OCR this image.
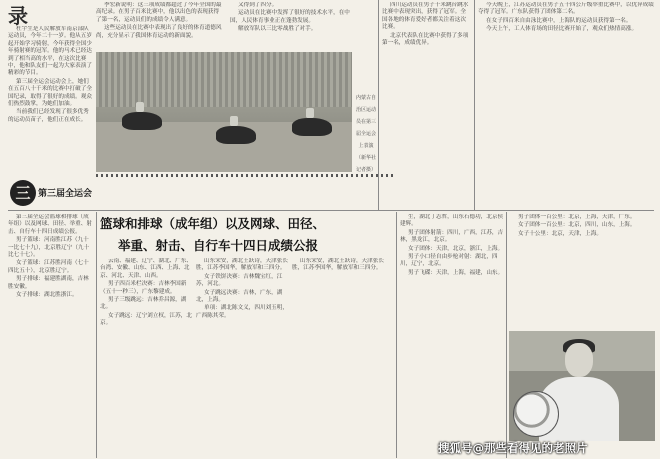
录

杜宇生是人民解放军南京部队运动员，今年二十一岁。他从五岁起开始学习骑射，今年获得全国少年骑射赛的冠军。他的马术已经达到了相当高的水平，在这次比赛中，他和队友们一起为大家表演了精彩的节目。

第三届全运会运动会上，她们在五百八十千米的比赛中打破了全国纪录，取得了很好的成绩。观众们热烈鼓掌，为她们加油。

当前我们已经发现了很多优秀的运动员苗子，他们正在成长。

季宏新说明：这三项成绩都超过了今年全国的最高纪录。在男子百米比赛中，他以出色的表现获得了第一名，运动员们的成绩令人满意。

这些运动员在比赛中表现出了良好的体育道德风尚，充分显示了我国体育运动的新面貌。

又得到了四分。

运动员在比赛中发挥了很好的技术水平，在中国，人民体育事业正在蓬勃发展。

解放军队以三比零战胜了对手。

四川运动员在男子十米跳台跳水比赛中表现突出，获得了冠军。全国各地的体育爱好者都关注着这次比赛。

北京代表队在比赛中获得了多项第一名，成绩优异。

今天晚上，江苏运动员在男子五十四公斤级举重比赛中，以优异成绩夺得了冠军。广东队获得了团体第二名。

在女子四百米自由泳比赛中，上海队的运动员获得第一名。

今天上午，工人体育场的田径比赛开始了，观众们热情高涨。

内蒙古自治区运动员在第三届全运会上表演（新华社记者摄）
三 第三届全运会
篮球和排球（成年组）以及网球、田径、
举重、射击、自行车十四日成绩公报

第三届全运会篮球和排球（成年组）以及网球、田径、举重、射击、自行车十四日成绩公报。

男子篮球：河南胜江苏（九十一比七十九），北京胜辽宁（九十比七十七）。

女子篮球：江苏胜河南（七十四比五十），北京胜辽宁。

男子排球：福建胜湖南，吉林胜安徽。

女子排球：湖北胜浙江。

云南、福建、辽宁、湖北、广东、台湾、安徽、山东、江西、上海、北京、河北、天津、山西。

男子四百米栏决赛：吉林李国新（五十一秒三），广东黎建成。

男子三级跳远：吉林乔昌源，湖北。

女子跳远：辽宁刘立权，江苏，北京。

山东宋安，湖北王跃诗，天津张长胜，江苏李国华，解放军和三四分。

女子铁饼决赛：吉林魏宝红，江苏，河北。

女子跳远决赛：吉林，广东，湖北，上海。

单项：湖北陈文义，四川刘玉明，广西陈其荣。

山东宋安，湖北王跃诗，天津张长胜，江苏李国华，解放军和三四分。

生，湖北丁志哲，山东石德功，北京侯建辉。

男子团体射箭：四川，广西，江苏，吉林，黑龙江，北京。

女子团体：天津，北京，浙江，上海。

男子小口径自由步枪对射：湖北，四川，辽宁，北京。

男子飞碟：天津，上海，福建，山东。

男子团体一百公里：北京，上海，天津，广东。

女子团体一百公里：北京，四川，山东，上海。

女子十公里：北京，天津，上海。

搜狐号@那些看得见的老照片
